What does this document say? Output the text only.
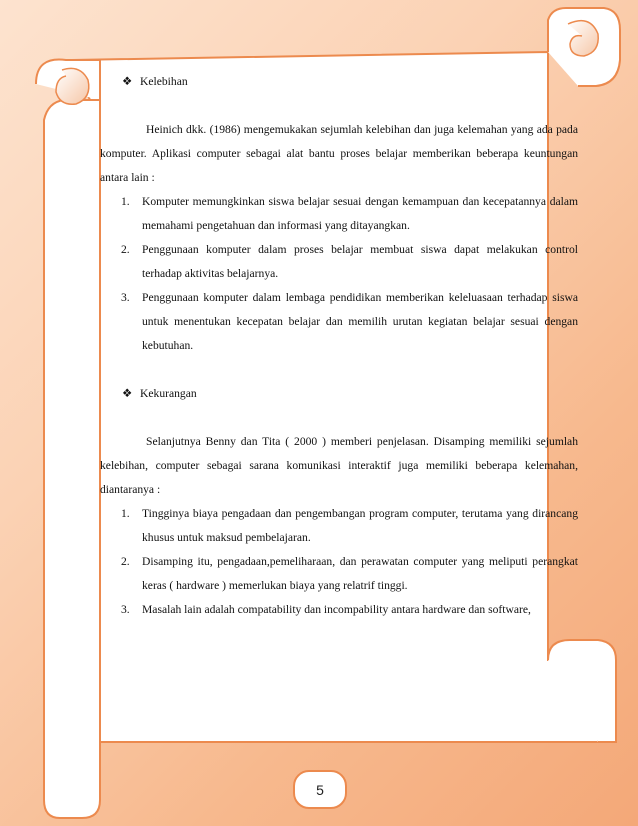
❖ Kelebihan

Heinich dkk. (1986) mengemukakan sejumlah kelebihan dan juga kelemahan yang ada pada komputer. Aplikasi computer sebagai alat bantu proses belajar memberikan beberapa keuntungan antara lain :

1. Komputer memungkinkan siswa belajar sesuai dengan kemampuan dan kecepatannya dalam memahami pengetahuan dan informasi yang ditayangkan.
2. Penggunaan komputer dalam proses belajar membuat siswa dapat melakukan control terhadap aktivitas belajarnya.
3. Penggunaan komputer dalam lembaga pendidikan memberikan keleluasaan terhadap siswa untuk menentukan kecepatan belajar dan memilih urutan kegiatan belajar sesuai dengan kebutuhan.
❖ Kekurangan

Selanjutnya Benny dan Tita ( 2000 ) memberi penjelasan. Disamping memiliki sejumlah kelebihan, computer sebagai sarana komunikasi interaktif juga memiliki beberapa kelemahan, diantaranya :

1. Tingginya biaya pengadaan dan pengembangan program computer, terutama yang dirancang khusus untuk maksud pembelajaran.
2. Disamping itu, pengadaan,pemeliharaan, dan perawatan computer yang meliputi perangkat keras ( hardware ) memerlukan biaya yang relatrif tinggi.
3. Masalah lain adalah compatability dan incompability antara hardware dan software,
5
